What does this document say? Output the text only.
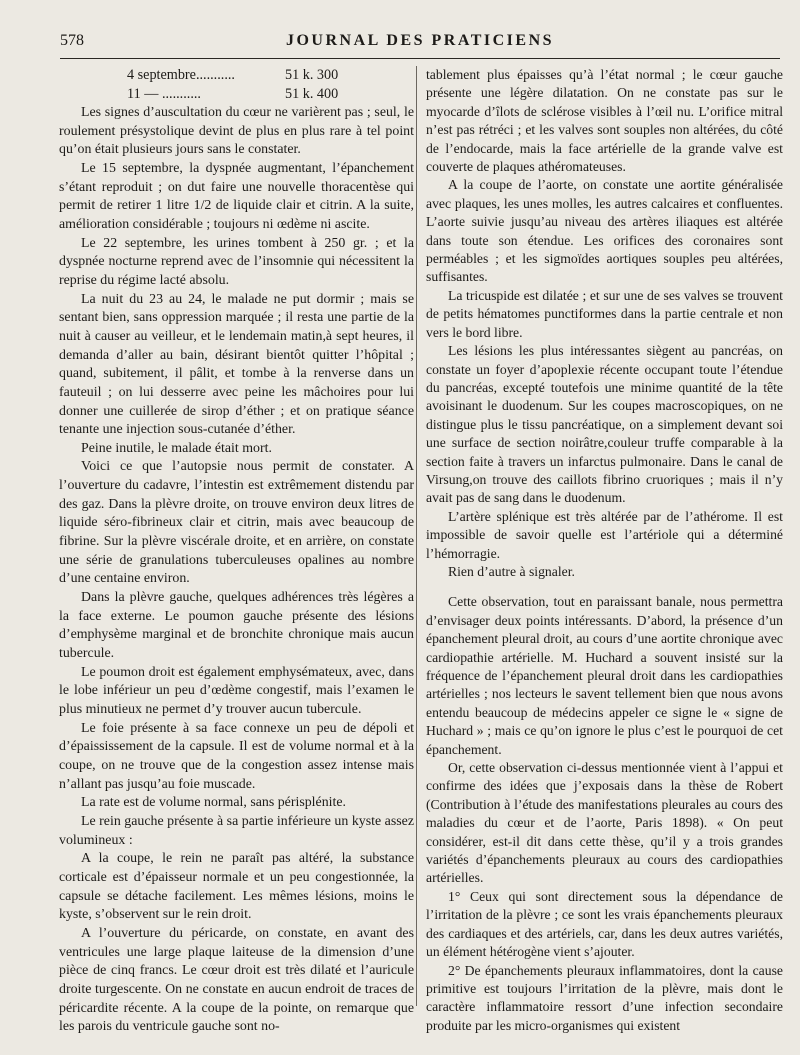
578	JOURNAL DES PRATICIENS
4 septembre...........	51 k. 300
11 — ...........	51 k. 400

Les signes d’auscultation du cœur ne varièrent pas ; seul, le roulement présystolique devint de plus en plus rare à tel point qu’on était plusieurs jours sans le constater.

Le 15 septembre, la dyspnée augmentant, l’épanchement s’étant reproduit ; on dut faire une nouvelle thoracentèse qui permit de retirer 1 litre 1/2 de liquide clair et citrin. A la suite, amélioration considérable ; toujours ni œdème ni ascite.

Le 22 septembre, les urines tombent à 250 gr. ; et la dyspnée nocturne reprend avec de l’insomnie qui nécessitent la reprise du régime lacté absolu.

La nuit du 23 au 24, le malade ne put dormir ; mais se sentant bien, sans oppression marquée ; il resta une partie de la nuit à causer au veilleur, et le lendemain matin,à sept heures, il demanda d’aller au bain, désirant bientôt quitter l’hôpital ; quand, subitement, il pâlit, et tombe à la renverse dans un fauteuil ; on lui desserre avec peine les mâchoires pour lui donner une cuillerée de sirop d’éther ; et on pratique séance tenante une injection sous-cutanée d’éther.

Peine inutile, le malade était mort.

Voici ce que l’autopsie nous permit de constater. A l’ouverture du cadavre, l’intestin est extrêmement distendu par des gaz. Dans la plèvre droite, on trouve environ deux litres de liquide séro-fibrineux clair et citrin, mais avec beaucoup de fibrine. Sur la plèvre viscérale droite, et en arrière, on constate une série de granulations tuberculeuses opalines au nombre d’une centaine environ.

Dans la plèvre gauche, quelques adhérences très légères a la face externe. Le poumon gauche présente des lésions d’emphysème marginal et de bronchite chronique mais aucun tubercule.

Le poumon droit est également emphysémateux, avec, dans le lobe inférieur un peu d’œdème congestif, mais l’examen le plus minutieux ne permet d’y trouver aucun tubercule.

Le foie présente à sa face connexe un peu de dépoli et d’épaississement de la capsule. Il est de volume normal et à la coupe, on ne trouve que de la congestion assez intense mais n’allant pas jusqu’au foie muscade.

La rate est de volume normal, sans périsplénite.

Le rein gauche présente à sa partie inférieure un kyste assez volumineux :

A la coupe, le rein ne paraît pas altéré, la substance corticale est d’épaisseur normale et un peu congestionnée, la capsule se détache facilement. Les mêmes lésions, moins le kyste, s’observent sur le rein droit.

A l’ouverture du péricarde, on constate, en avant des ventricules une large plaque laiteuse de la dimension d’une pièce de cinq francs. Le cœur droit est très dilaté et l’auricule droite turgescente. On ne constate en aucun endroit de traces de péricardite récente. A la coupe de la pointe, on remarque que les parois du ventricule gauche sont no-

tablement plus épaisses qu’à l’état normal ; le cœur gauche présente une légère dilatation. On ne constate pas sur le myocarde d’îlots de sclérose visibles à l’œil nu. L’orifice mitral n’est pas rétréci ; et les valves sont souples non altérées, du côté de l’endocarde, mais la face artérielle de la grande valve est couverte de plaques athéromateuses.

A la coupe de l’aorte, on constate une aortite généralisée avec plaques, les unes molles, les autres calcaires et confluentes. L’aorte suivie jusqu’au niveau des artères iliaques est altérée dans toute son étendue. Les orifices des coronaires sont perméables ; et les sigmoïdes aortiques souples peu altérées, suffisantes.

La tricuspide est dilatée ; et sur une de ses valves se trouvent de petits hématomes punctiformes dans la partie centrale et non vers le bord libre.

Les lésions les plus intéressantes siègent au pancréas, on constate un foyer d’apoplexie récente occupant toute l’étendue du pancréas, excepté toutefois une minime quantité de la tête avoisinant le duodenum. Sur les coupes macroscopiques, on ne distingue plus le tissu pancréatique, on a simplement devant soi une surface de section noirâtre,couleur truffe comparable à la section faite à travers un infarctus pulmonaire. Dans le canal de Virsung,on trouve des caillots fibrino cruoriques ; mais il n’y avait pas de sang dans le duodenum.

L’artère splénique est très altérée par de l’athérome. Il est impossible de savoir quelle est l’artériole qui a déterminé l’hémorragie.

Rien d’autre à signaler.

Cette observation, tout en paraissant banale, nous permettra d’envisager deux points intéressants. D’abord, la présence d’un épanchement pleural droit, au cours d’une aortite chronique avec cardiopathie artérielle. M. Huchard a souvent insisté sur la fréquence de l’épanchement pleural droit dans les cardiopathies artérielles ; nos lecteurs le savent tellement bien que nous avons entendu beaucoup de médecins appeler ce signe le « signe de Huchard » ; mais ce qu’on ignore le plus c’est le pourquoi de cet épanchement.

Or, cette observation ci-dessus mentionnée vient à l’appui et confirme des idées que j’exposais dans la thèse de Robert (Contribution à l’étude des manifestations pleurales au cours des maladies du cœur et de l’aorte, Paris 1898). « On peut considérer, est-il dit dans cette thèse, qu’il y a trois grandes variétés d’épanchements pleuraux au cours des cardiopathies artérielles.

1° Ceux qui sont directement sous la dépendance de l’irritation de la plèvre ; ce sont les vrais épanchements pleuraux des cardiaques et des artériels, car, dans les deux autres variétés, un élément hétérogène vient s’ajouter.

2° De épanchements pleuraux inflammatoires, dont la cause primitive est toujours l’irritation de la plèvre, mais dont le caractère inflammatoire ressort d’une infection secondaire produite par les micro-organismes qui existent
